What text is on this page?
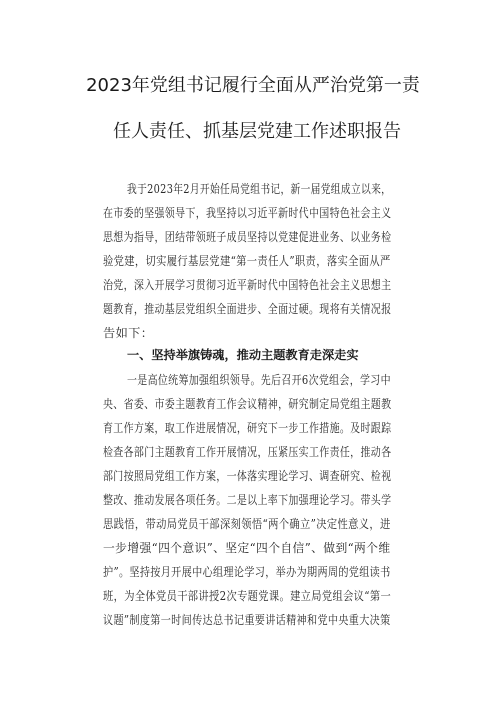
2023年党组书记履行全面从严治党第一责
任人责任、抓基层党建工作述职报告
我于2023年2月开始任局党组书记，新一届党组成立以来，
在市委的坚强领导下，我坚持以习近平新时代中国特色社会主义
思想为指导，团结带领班子成员坚持以党建促进业务、以业务检
验党建，切实履行基层党建“第一责任人”职责，落实全面从严
治党，深入开展学习贯彻习近平新时代中国特色社会主义思想主
题教育，推动基层党组织全面进步、全面过硬。现将有关情况报
告如下：
一、坚持举旗铸魂，推动主题教育走深走实
一是高位统筹加强组织领导。先后召开6次党组会，学习中
央、省委、市委主题教育工作会议精神，研究制定局党组主题教
育工作方案，取工作进展情况，研究下一步工作措施。及时跟踪
检查各部门主题教育工作开展情况，压紧压实工作责任，推动各
部门按照局党组工作方案，一体落实理论学习、调查研究、检视
整改、推动发展各项任务。二是以上率下加强理论学习。带头学
思践悟，带动局党员干部深刻领悟“两个确立”决定性意义，进
一步增强“四个意识”、坚定“四个自信”、做到“两个维
护”。坚持按月开展中心组理论学习，举办为期两周的党组读书
班，为全体党员干部讲授2次专题党课。建立局党组会议“第一
议题”制度第一时间传达总书记重要讲话精神和党中央重大决策
